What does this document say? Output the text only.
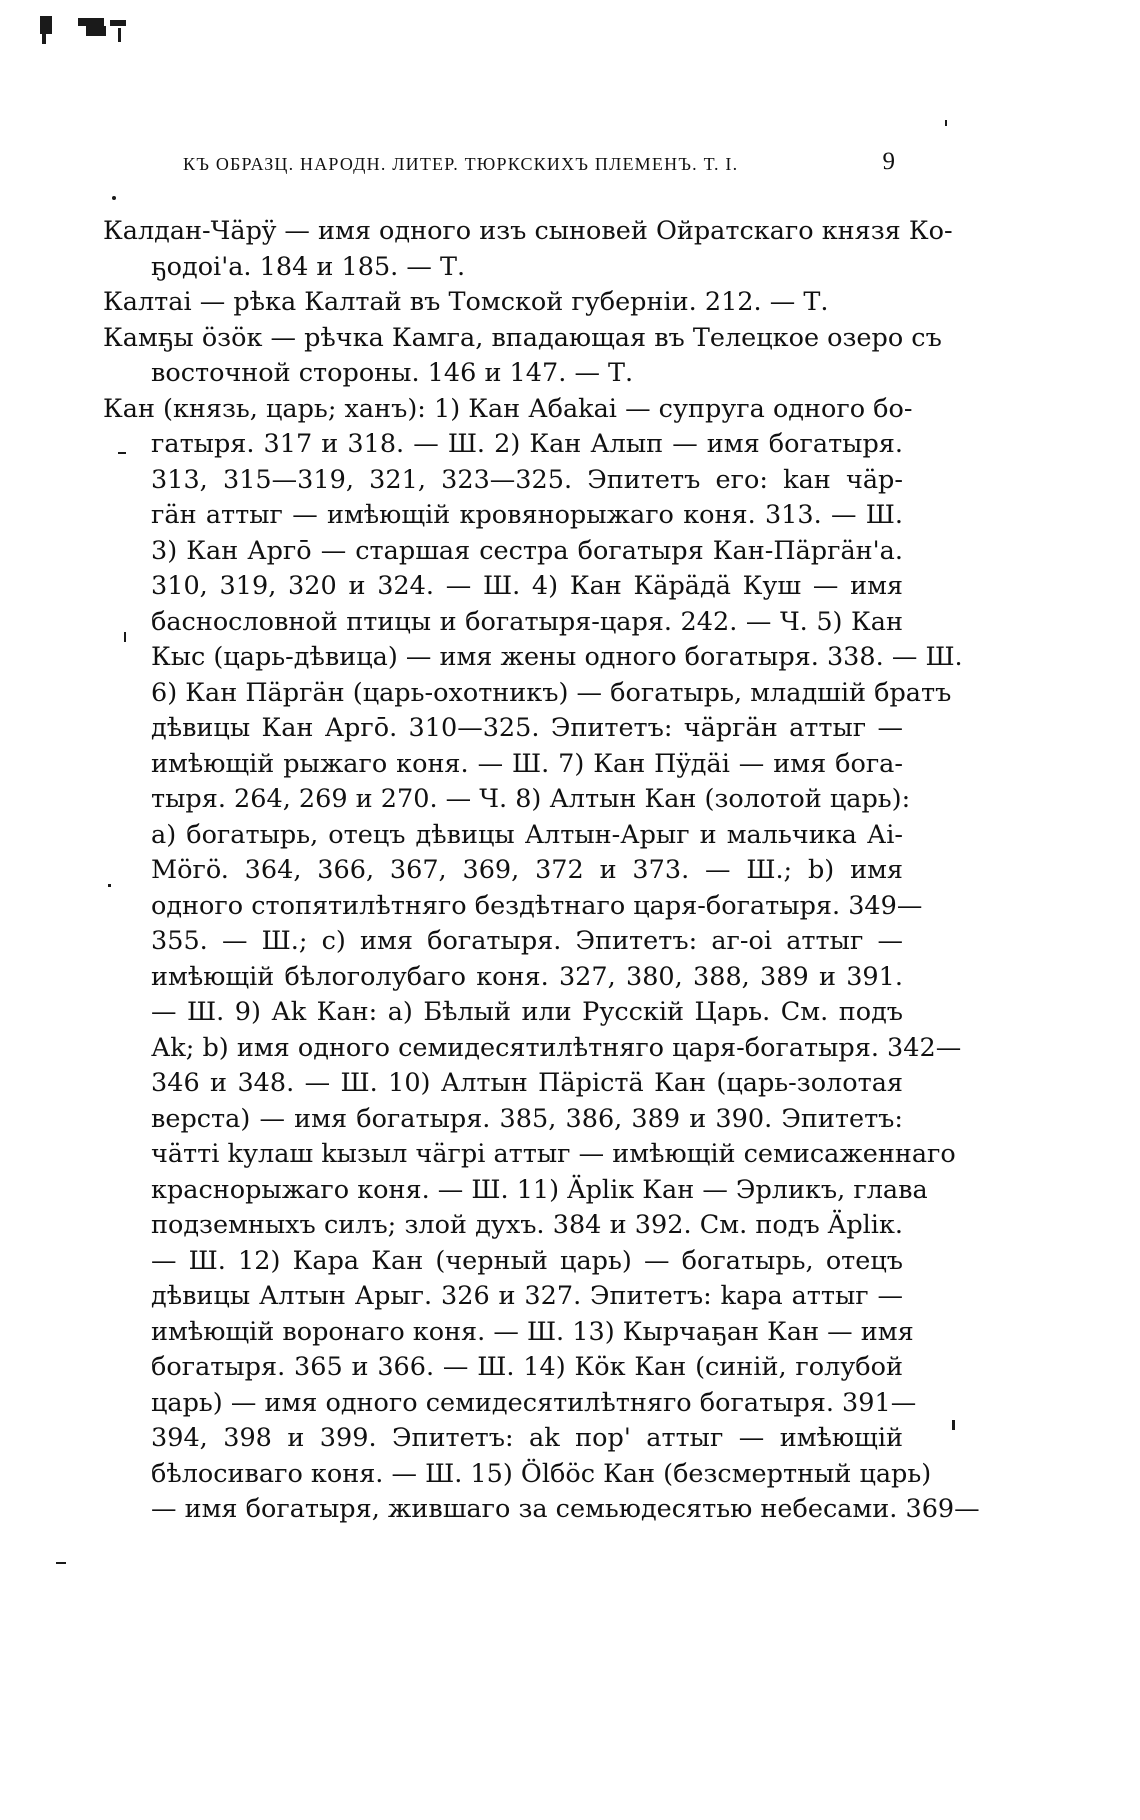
КЪ ОБРАЗЦ. НАРОДН. ЛИТЕР. ТЮРКСКИХЪ ПЛЕМЕНЪ. Т. I.	9
Калдан-Чäрÿ — имя одного изъ сыновей Ойратскаго князя Ко-
ҕодоі'а. 184 и 185. — Т.
Калтаі — рѣка Калтай въ Томской губерніи. 212. — Т.
Камҕы öзöк — рѣчка Камга, впадающая въ Телецкое озеро съ
восточной стороны. 146 и 147. — Т.
Кан (князь, царь; ханъ): 1) Кан Абаkаі — супруга одного бо-
гатыря. 317 и 318. — Ш. 2) Кан Алып — имя богатыря.
313, 315—319, 321, 323—325. Эпитетъ его: kан чäр-
гäн аттыг — имѣющій кровянорыжаго коня. 313. — Ш.
3) Кан Аргō — старшая сестра богатыря Кан-Пäргäн'а.
310, 319, 320 и 324. — Ш. 4) Кан Кäрäдä Куш — имя
баснословной птицы и богатыря-царя. 242. — Ч. 5) Кан
Кыс (царь-дѣвица) — имя жены одного богатыря. 338. — Ш.
6) Кан Пäргäн (царь-охотникъ) — богатырь, младшій братъ
дѣвицы Кан Аргō. 310—325. Эпитетъ: чäргäн аттыг —
имѣющій рыжаго коня. — Ш. 7) Кан Пÿдäі — имя бога-
тыря. 264, 269 и 270. — Ч. 8) Алтын Кан (золотой царь):
a) богатырь, отецъ дѣвицы Алтын-Арыг и мальчика Аі-
Мöгö. 364, 366, 367, 369, 372 и 373. — Ш.; b) имя
одного стопятилѣтняго бездѣтнаго царя-богатыря. 349—
355. — Ш.; c) имя богатыря. Эпитетъ: аг-оі аттыг —
имѣющій бѣлоголубаго коня. 327, 380, 388, 389 и 391.
— Ш. 9) Аk Кан: a) Бѣлый или Русскій Царь. См. подъ
Аk; b) имя одного семидесятилѣтняго царя-богатыря. 342—
346 и 348. — Ш. 10) Алтын Пäрістä Кан (царь-золотая
верста) — имя богатыря. 385, 386, 389 и 390. Эпитетъ:
чäттi kулаш kызыл чäгрi аттыг — имѣющій семисаженнаго
краснорыжаго коня. — Ш. 11) Äрlік Кан — Эрликъ, глава
подземныхъ силъ; злой духъ. 384 и 392. См. подъ Äрlік.
— Ш. 12) Кара Кан (черный царь) — богатырь, отецъ
дѣвицы Алтын Арыг. 326 и 327. Эпитетъ: kара аттыг —
имѣющій воронаго коня. — Ш. 13) Кырчаҕан Кан — имя
богатыря. 365 и 366. — Ш. 14) Кöк Кан (синій, голубой
царь) — имя одного семидесятилѣтняго богатыря. 391—
394, 398 и 399. Эпитетъ: аk пор' аттыг — имѣющій
бѣлосиваго коня. — Ш. 15) Ölбöс Кан (безсмертный царь)
— имя богатыря, жившаго за семьюдесятью небесами. 369—
